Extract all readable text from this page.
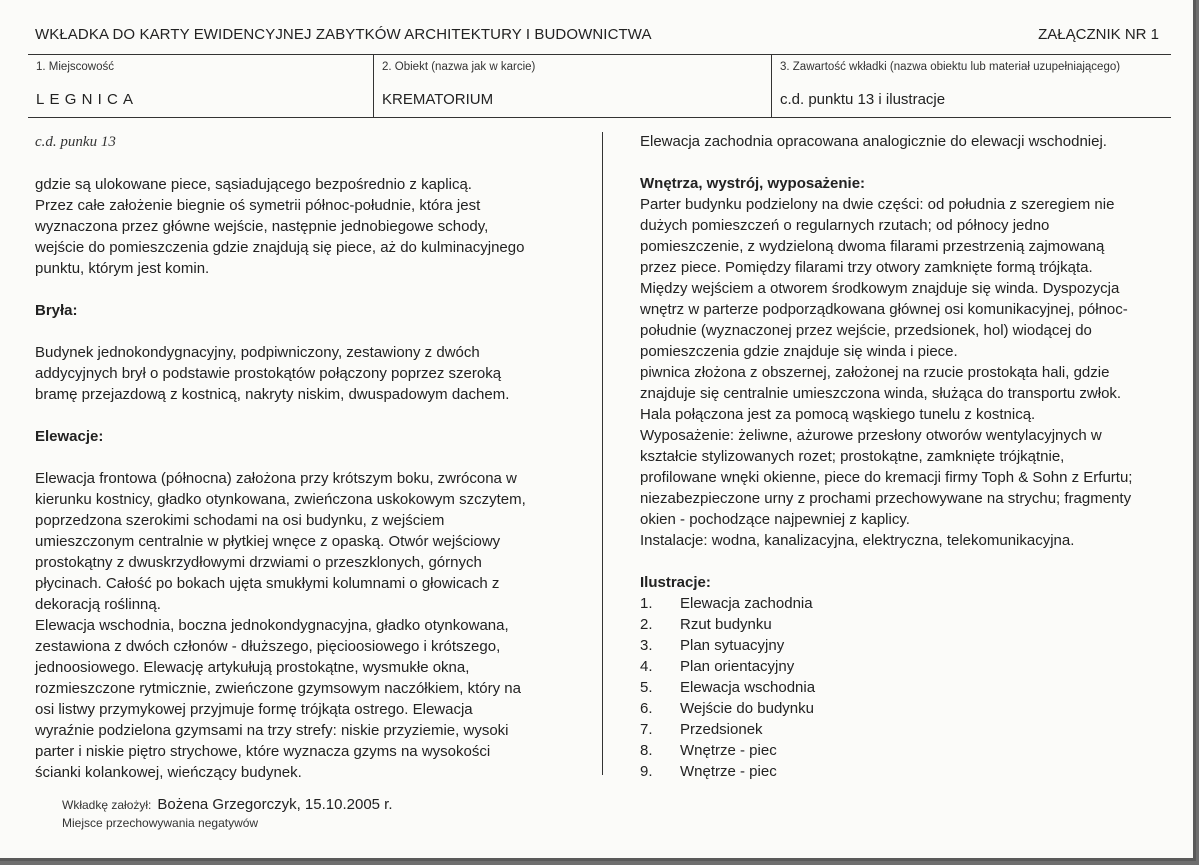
WKŁADKA DO KARTY EWIDENCYJNEJ ZABYTKÓW ARCHITEKTURY I BUDOWNICTWA	ZAŁĄCZNIK NR 1
1. Miejscowość
LEGNICA
2. Obiekt (nazwa jak w karcie)
KREMATORIUM
3. Zawartość wkładki (nazwa obiektu lub materiał uzupełniającego)
c.d. punktu 13 i ilustracje
c.d. punku 13

gdzie są ulokowane piece, sąsiadującego bezpośrednio z kaplicą.
Przez całe założenie biegnie oś symetrii północ-południe, która jest
wyznaczona przez główne wejście, następnie jednobiegowe schody,
wejście do pomieszczenia gdzie znajdują się piece, aż do kulminacyjnego
punktu, którym jest komin.

Bryła:

Budynek jednokondygnacyjny, podpiwniczony, zestawiony z dwóch
addycyjnych brył o podstawie prostokątów połączony poprzez szeroką
bramę przejazdową z kostnicą, nakryty niskim, dwuspadowym dachem.

Elewacje:

Elewacja frontowa (północna) założona przy krótszym boku, zwrócona w
kierunku kostnicy, gładko otynkowana, zwieńczona uskokowym szczytem,
poprzedzona szerokimi schodami na osi budynku, z wejściem
umieszczonym centralnie w płytkiej wnęce z opaską. Otwór wejściowy
prostokątny z dwuskrzydłowymi drzwiami o przeszklonych, górnych
płycinach. Całość po bokach ujęta smukłymi kolumnami o głowicach z
dekoracją roślinną.
Elewacja wschodnia, boczna jednokondygnacyjna, gładko otynkowana,
zestawiona z dwóch członów - dłuższego, pięcioosiowego i krótszego,
jednoosiowego. Elewację artykułują prostokątne, wysmukłe okna,
rozmieszczone rytmicznie, zwieńczone gzymsowym naczółkiem, który na
osi listwy przymykowej przyjmuje formę trójkąta ostrego. Elewacja
wyraźnie podzielona gzymsami na trzy strefy: niskie przyziemie, wysoki
parter i niskie piętro strychowe, które wyznacza gzyms na wysokości
ścianki kolankowej, wieńczący budynek.

Elewacja zachodnia opracowana analogicznie do elewacji wschodniej.

Wnętrza, wystrój, wyposażenie:

Parter budynku podzielony na dwie części: od południa z szeregiem nie
dużych pomieszczeń o regularnych rzutach; od północy jedno
pomieszczenie, z wydzieloną dwoma filarami przestrzenią zajmowaną
przez piece. Pomiędzy filarami trzy otwory zamknięte formą trójkąta.
Między wejściem a otworem środkowym znajduje się winda. Dyspozycja
wnętrz w parterze podporządkowana głównej osi komunikacyjnej, północ-
południe (wyznaczonej przez wejście, przedsionek, hol) wiodącej do
pomieszczenia gdzie znajduje się winda i piece.
piwnica złożona z obszernej, założonej na rzucie prostokąta hali, gdzie
znajduje się centralnie umieszczona winda, służąca do transportu zwłok.
Hala połączona jest za pomocą wąskiego tunelu z kostnicą.
Wyposażenie: żeliwne, ażurowe przesłony otworów wentylacyjnych w
kształcie stylizowanych rozet; prostokątne, zamknięte trójkątnie,
profilowane wnęki okienne, piece do kremacji firmy Toph & Sohn z Erfurtu;
niezabezpieczone urny z prochami przechowywane na strychu; fragmenty
okien - pochodzące najpewniej z kaplicy.
Instalacje: wodna, kanalizacyjna, elektryczna, telekomunikacyjna.

Ilustracje:

1.	Elewacja zachodnia
2.	Rzut budynku
3.	Plan sytuacyjny
4.	Plan orientacyjny
5.	Elewacja wschodnia
6.	Wejście do budynku
7.	Przedsionek
8.	Wnętrze - piec
9.	Wnętrze - piec
Wkładkę założył: Bożena Grzegorczyk, 15.10.2005 r.
Miejsce przechowywania negatywów
